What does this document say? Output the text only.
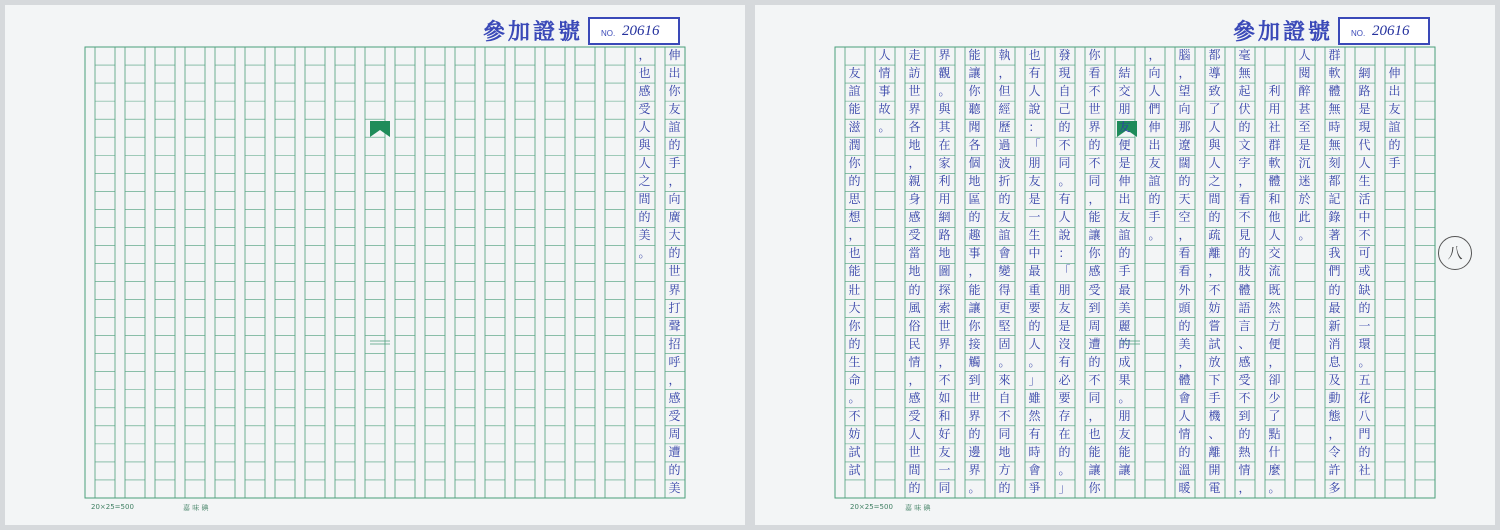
參加證號 NO. 20616
伸
出
你
友
誼
的
手
，
向
廣
大
的
世
界
打
聲
招
呼
，
感
受
周
遭
的
美
，
也
感
受
人
與
人
之
間
的
美
。
20×25=500	嘉 味 碘
參加證號 NO. 20616
伸
出
友
誼
的
手
網
路
是
現
代
人
生
活
中
不
可
或
缺
的
一
環
。
五
花
八
門
的
社
群
軟
體
無
時
無
刻
都
記
錄
著
我
們
的
最
新
消
息
及
動
態
，
令
許
多
人
閱
醉
甚
至
是
沉
迷
於
此
。
利
用
社
群
軟
體
和
他
人
交
流
既
然
方
便
，
卻
少
了
點
什
麼
。
毫
無
起
伏
的
文
字
，
看
不
見
的
肢
體
語
言
、
感
受
不
到
的
熱
情
，
都
導
致
了
人
與
人
之
間
的
疏
離
，
不
妨
嘗
試
放
下
手
機
、
離
開
電
腦
，
望
向
那
遼
闊
的
天
空
，
看
看
外
頭
的
美
，
體
會
人
情
的
溫
暖
，
向
人
們
伸
出
友
誼
的
手
。
結
交
朋
友
便
是
伸
出
友
誼
的
手
最
美
麗
的
成
果
。
朋
友
能
讓
你
看
不
世
界
的
不
同
，
能
讓
你
感
受
到
周
遭
的
不
同
，
也
能
讓
你
發
現
自
己
的
不
同
。
有
人
說
：
「
朋
友
是
沒
有
必
要
存
在
的
。
」
也
有
人
說
：
「
朋
友
是
一
生
中
最
重
要
的
人
。
」
雖
然
有
時
會
爭
執
，
但
經
歷
過
波
折
的
友
誼
會
變
得
更
堅
固
。
來
自
不
同
地
方
的
能
讓
你
聽
聞
各
個
地
區
的
趣
事
，
能
讓
你
接
觸
到
世
界
的
邊
界
。
界
觀
。
與
其
在
家
利
用
網
路
地
圖
探
索
世
界
，
不
如
和
好
友
一
同
走
訪
世
界
各
地
，
親
身
感
受
當
地
的
風
俗
民
情
，
感
受
人
世
間
的
人
情
事
故
。
友
誼
能
滋
潤
你
的
思
想
，
也
能
壯
大
你
的
生
命
。
不
妨
試
試
八
20×25=500 嘉 味 碘
